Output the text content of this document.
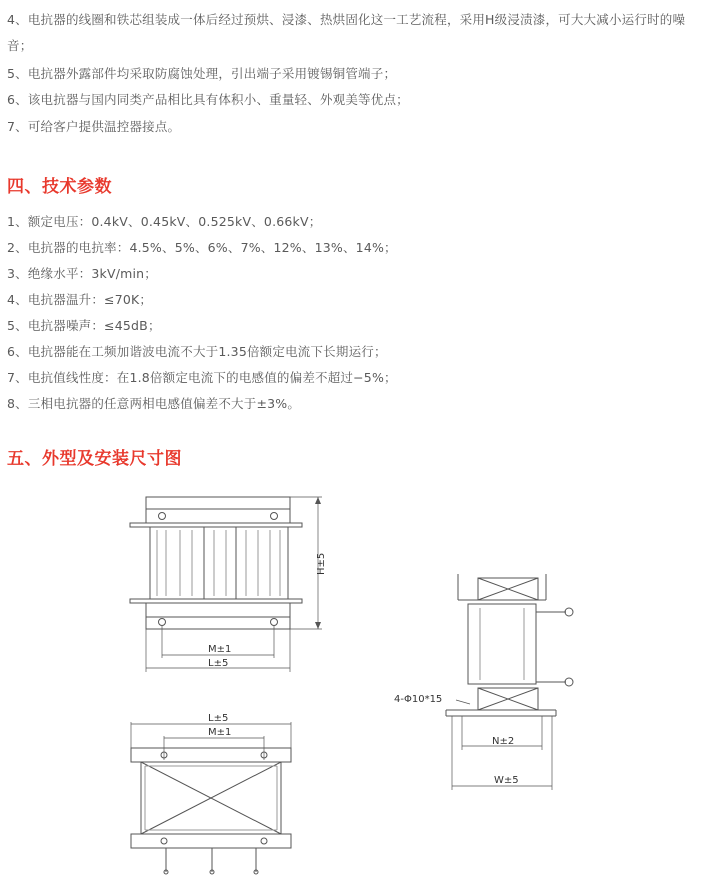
4、电抗器的线圈和铁芯组装成一体后经过预烘、浸漆、热烘固化这一工艺流程，采用H级浸渍漆，可大大减小运行时的噪音；

5、电抗器外露部件均采取防腐蚀处理，引出端子采用镀锡铜管端子；

6、该电抗器与国内同类产品相比具有体积小、重量轻、外观美等优点；

7、可给客户提供温控器接点。

四、技术参数

1、额定电压：0.4kV、0.45kV、0.525kV、0.66kV；

2、电抗器的电抗率：4.5%、5%、6%、7%、12%、13%、14%；

3、绝缘水平：3kV/min；

4、电抗器温升：≤70K；

5、电抗器噪声：≤45dB；

6、电抗器能在工频加谐波电流不大于1.35倍额定电流下长期运行；

7、电抗值线性度：在1.8倍额定电流下的电感值的偏差不超过−5%；

8、三相电抗器的任意两相电感值偏差不大于±3%。

五、外型及安装尺寸图
H±5
M±1
L±5
L±5
M±1
4-Φ10*15
N±2
W±5
